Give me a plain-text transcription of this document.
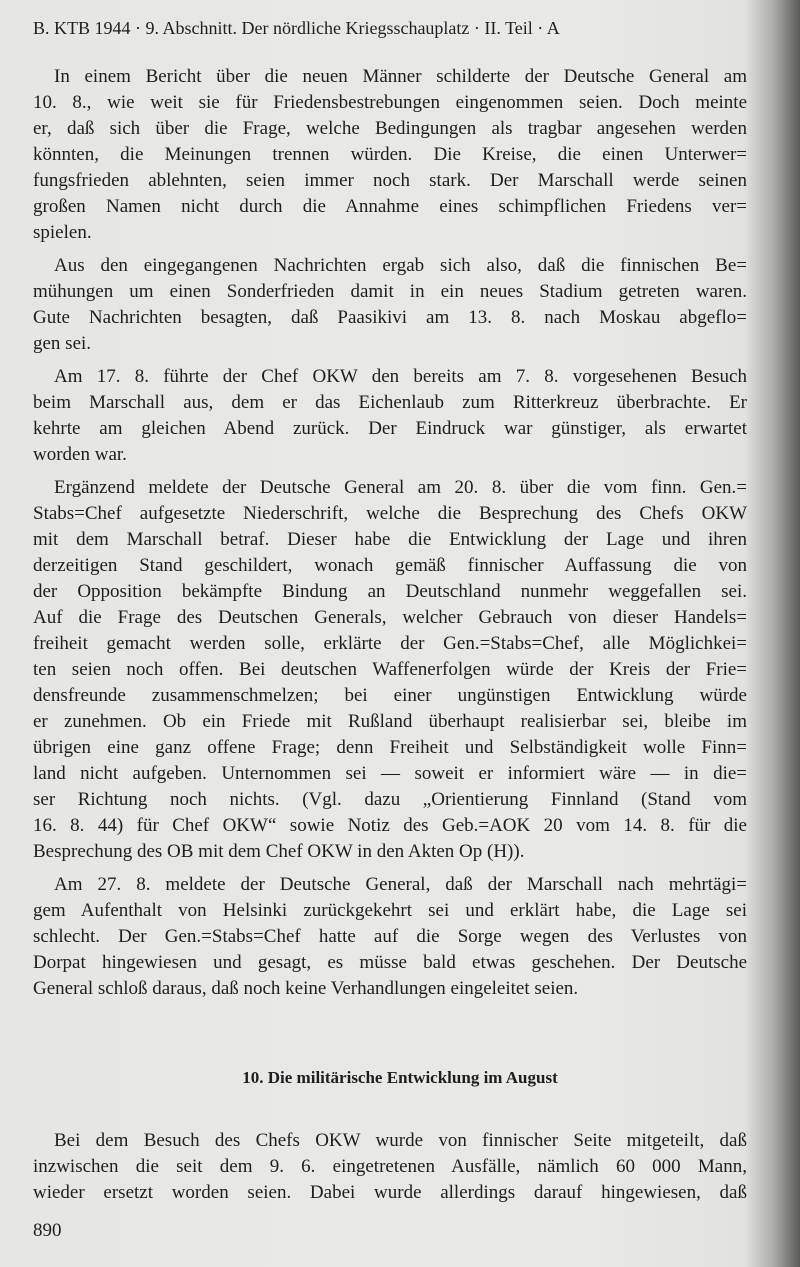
B. KTB 1944 · 9. Abschnitt. Der nördliche Kriegsschauplatz · II. Teil · A
In einem Bericht über die neuen Männer schilderte der Deutsche General am
10. 8., wie weit sie für Friedensbestrebungen eingenommen seien. Doch meinte
er, daß sich über die Frage, welche Bedingungen als tragbar angesehen werden
könnten, die Meinungen trennen würden. Die Kreise, die einen Unterwer=
fungsfrieden ablehnten, seien immer noch stark. Der Marschall werde seinen
großen Namen nicht durch die Annahme eines schimpflichen Friedens ver=
spielen.
Aus den eingegangenen Nachrichten ergab sich also, daß die finnischen Be=
mühungen um einen Sonderfrieden damit in ein neues Stadium getreten waren.
Gute Nachrichten besagten, daß Paasikivi am 13. 8. nach Moskau abgeflo=
gen sei.
Am 17. 8. führte der Chef OKW den bereits am 7. 8. vorgesehenen Besuch
beim Marschall aus, dem er das Eichenlaub zum Ritterkreuz überbrachte. Er
kehrte am gleichen Abend zurück. Der Eindruck war günstiger, als erwartet
worden war.
Ergänzend meldete der Deutsche General am 20. 8. über die vom finn. Gen.=
Stabs=Chef aufgesetzte Niederschrift, welche die Besprechung des Chefs OKW
mit dem Marschall betraf. Dieser habe die Entwicklung der Lage und ihren
derzeitigen Stand geschildert, wonach gemäß finnischer Auffassung die von
der Opposition bekämpfte Bindung an Deutschland nunmehr weggefallen sei.
Auf die Frage des Deutschen Generals, welcher Gebrauch von dieser Handels=
freiheit gemacht werden solle, erklärte der Gen.=Stabs=Chef, alle Möglichkei=
ten seien noch offen. Bei deutschen Waffenerfolgen würde der Kreis der Frie=
densfreunde zusammenschmelzen; bei einer ungünstigen Entwicklung würde
er zunehmen. Ob ein Friede mit Rußland überhaupt realisierbar sei, bleibe im
übrigen eine ganz offene Frage; denn Freiheit und Selbständigkeit wolle Finn=
land nicht aufgeben. Unternommen sei — soweit er informiert wäre — in die=
ser Richtung noch nichts. (Vgl. dazu „Orientierung Finnland (Stand vom
16. 8. 44) für Chef OKW“ sowie Notiz des Geb.=AOK 20 vom 14. 8. für die
Besprechung des OB mit dem Chef OKW in den Akten Op (H)).
Am 27. 8. meldete der Deutsche General, daß der Marschall nach mehrtägi=
gem Aufenthalt von Helsinki zurückgekehrt sei und erklärt habe, die Lage sei
schlecht. Der Gen.=Stabs=Chef hatte auf die Sorge wegen des Verlustes von
Dorpat hingewiesen und gesagt, es müsse bald etwas geschehen. Der Deutsche
General schloß daraus, daß noch keine Verhandlungen eingeleitet seien.
10. Die militärische Entwicklung im August
Bei dem Besuch des Chefs OKW wurde von finnischer Seite mitgeteilt, daß
inzwischen die seit dem 9. 6. eingetretenen Ausfälle, nämlich 60 000 Mann,
wieder ersetzt worden seien. Dabei wurde allerdings darauf hingewiesen, daß
890
